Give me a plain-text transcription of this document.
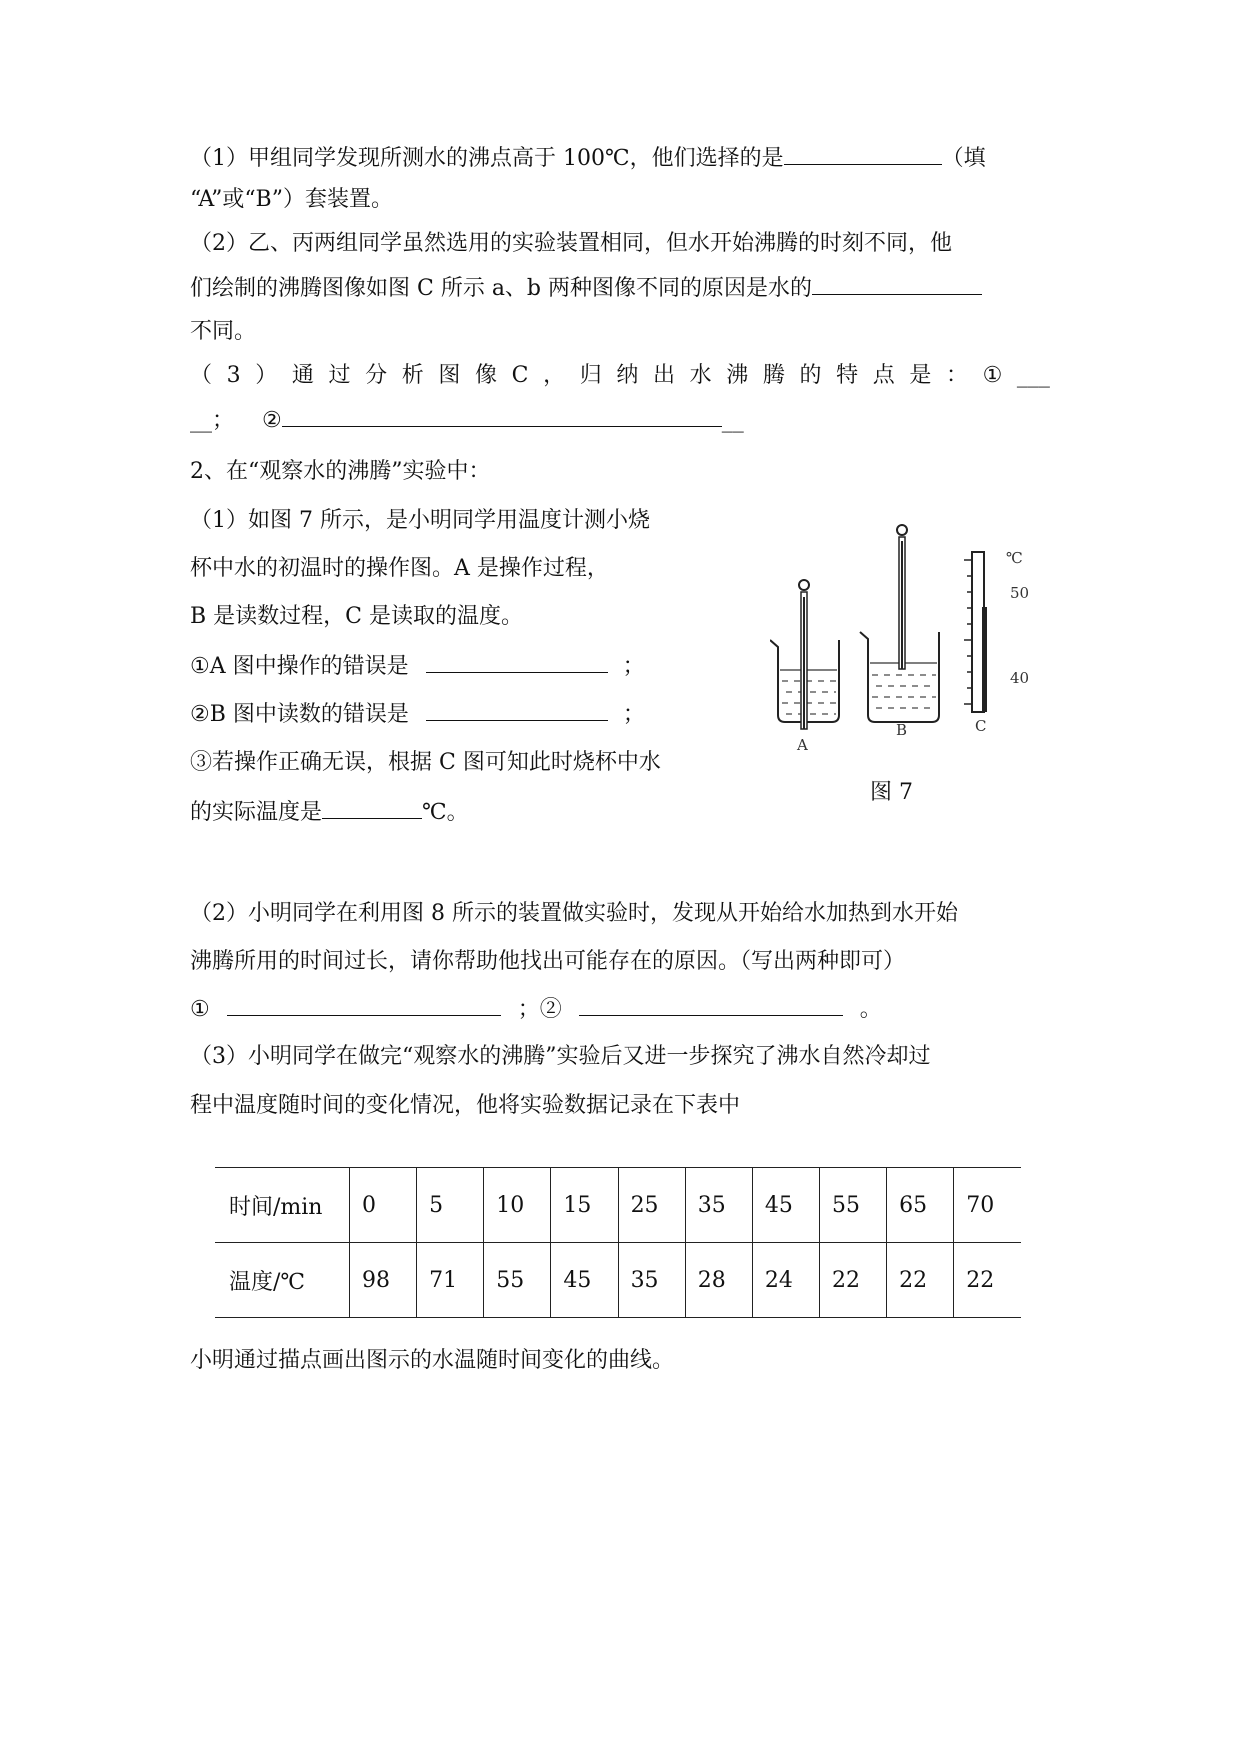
（1）甲组同学发现所测水的沸点高于 100℃，他们选择的是	（填
“A”或“B”）套装置。
（2）乙、丙两组同学虽然选用的实验装置相同，但水开始沸腾的时刻不同，他
们绘制的沸腾图像如图 C 所示 a、b 两种图像不同的原因是水的
不同。
（ 3 ） 通 过 分 析 图 像 C ， 归 纳 出 水 沸 腾 的 特 点 是 ： ① ___
__； ②	__
2、在“观察水的沸腾”实验中：
（1）如图 7 所示，是小明同学用温度计测小烧
杯中水的初温时的操作图。A 是操作过程，
B 是读数过程，C 是读取的温度。
①A 图中操作的错误是	；
②B 图中读数的错误是	；
③若操作正确无误，根据 C 图可知此时烧杯中水
的实际温度是	℃。
℃
50
40
A
B	C
图 7
（2）小明同学在利用图 8 所示的装置做实验时，发现从开始给水加热到水开始
沸腾所用的时间过长，请你帮助他找出可能存在的原因。（写出两种即可）
①	；②	。
（3）小明同学在做完“观察水的沸腾”实验后又进一步探究了沸水自然冷却过
程中温度随时间的变化情况，他将实验数据记录在下表中
时间/min	0	5	10	15	25	35	45	55	65	70
温度/℃	98	71	55	45	35	28	24	22	22	22
小明通过描点画出图示的水温随时间变化的曲线。
